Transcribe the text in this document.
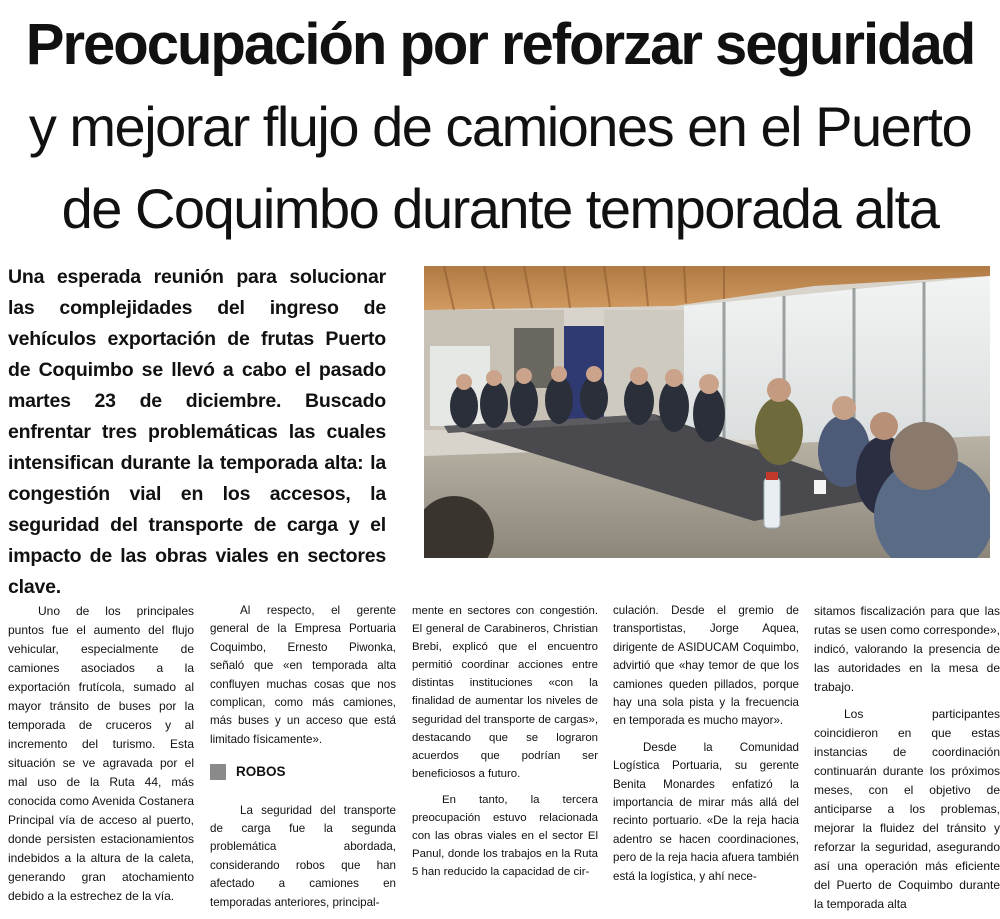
Preocupación por reforzar seguridad
y mejorar flujo de camiones en el Puerto
de Coquimbo durante temporada alta

Una esperada reunión para solucionar las complejidades del ingreso de vehículos exportación de frutas Puerto de Coquimbo se llevó a cabo el pasado martes 23 de diciembre. Buscado enfrentar tres problemáticas las cuales intensifican durante la temporada alta: la congestión vial en los accesos, la seguridad del transporte de carga y el impacto de las obras viales en sectores clave.

Uno de los principales puntos fue el aumento del flujo vehicular, especialmente de camiones asociados a la exportación frutícola, sumado al mayor tránsito de buses por la temporada de cruceros y al incremento del turismo. Esta situación se ve agravada por el mal uso de la Ruta 44, más conocida como Avenida Costanera Principal vía de acceso al puerto, donde persisten estacionamientos indebidos a la altura de la caleta, generando gran atochamiento debido a la estrechez de la vía.

Al respecto, el gerente general de la Empresa Portuaria Coquimbo, Ernesto Piwonka, señaló que «en temporada alta confluyen muchas cosas que nos complican, como más camiones, más buses y un acceso que está limitado físicamente».

ROBOS

La seguridad del transporte de carga fue la segunda problemática abordada, considerando robos que han afectado a camiones en temporadas anteriores, principal-

mente en sectores con congestión. El general de Carabineros, Christian Brebi, explicó que el encuentro permitió coordinar acciones entre distintas instituciones «con la finalidad de aumentar los niveles de seguridad del transporte de cargas», destacando que se lograron acuerdos que podrían ser beneficiosos a futuro.

En tanto, la tercera preocupación estuvo relacionada con las obras viales en el sector El Panul, donde los trabajos en la Ruta 5 han reducido la capacidad de cir-

culación. Desde el gremio de transportistas, Jorge Aquea, dirigente de ASIDUCAM Coquimbo, advirtió que «hay temor de que los camiones queden pillados, porque hay una sola pista y la frecuencia en temporada es mucho mayor».

Desde la Comunidad Logística Portuaria, su gerente Benita Monardes enfatizó la importancia de mirar más allá del recinto portuario. «De la reja hacia adentro se hacen coordinaciones, pero de la reja hacia afuera también está la logística, y ahí nece-

sitamos fiscalización para que las rutas se usen como corresponde», indicó, valorando la presencia de las autoridades en la mesa de trabajo.

Los participantes coincidieron en que estas instancias de coordinación continuarán durante los próximos meses, con el objetivo de anticiparse a los problemas, mejorar la fluidez del tránsito y reforzar la seguridad, asegurando así una operación más eficiente del Puerto de Coquimbo durante la temporada alta
